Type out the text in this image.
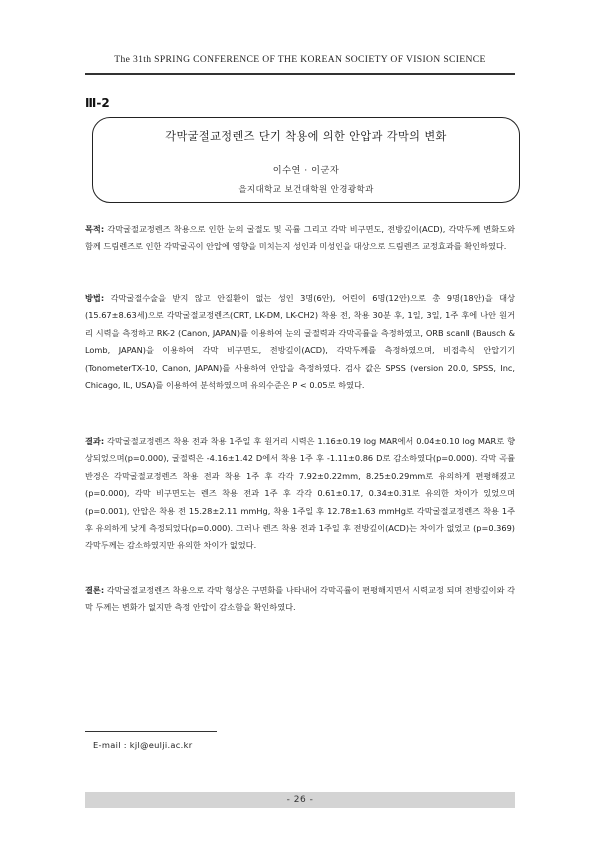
The 31th SPRING CONFERENCE OF THE KOREAN SOCIETY OF VISION SCIENCE
Ⅲ-2
각막굴절교정렌즈 단기 착용에 의한 안압과 각막의 변화
이수연 · 이군자
을지대학교 보건대학원 안경광학과
목적: 각막굴절교정렌즈 착용으로 인한 눈의 굴절도 및 곡률 그리고 각막 비구면도, 전방깊이(ACD), 각막두께 변화도와 함께 드림렌즈로 인한 각막굴곡이 안압에 영향을 미치는지 성인과 미성인을 대상으로 드림렌즈 교정효과를 확인하였다.
방법: 각막굴절수술을 받지 않고 안질환이 없는 성인 3명(6안), 어린이 6명(12안)으로 총 9명(18안)을 대상(15.67±8.63세)으로 각막굴절교정렌즈(CRT, LK-DM, LK-CH2) 착용 전, 착용 30분 후, 1일, 3일, 1주 후에 나안 원거리 시력을 측정하고 RK-2 (Canon, JAPAN)를 이용하여 눈의 굴절력과 각막곡률을 측정하였고, ORB scanⅡ (Bausch & Lomb, JAPAN)을 이용하여 각막 비구면도, 전방깊이(ACD), 각막두께를 측정하였으며, 비접촉식 안압기기(TonometerTX-10, Canon, JAPAN)를 사용하여 안압을 측정하였다. 검사 값은 SPSS (version 20.0, SPSS, Inc, Chicago, IL, USA)를 이용하여 분석하였으며 유의수준은 P < 0.05로 하였다.
결과: 각막굴절교정렌즈 착용 전과 착용 1주일 후 원거리 시력은 1.16±0.19 log MAR에서 0.04±0.10 log MAR로 향상되었으며(p=0.000), 굴절력은 -4.16±1.42 D에서 착용 1주 후 -1.11±0.86 D로 감소하였다(p=0.000). 각막 곡률반경은 각막굴절교정렌즈 착용 전과 착용 1주 후 각각 7.92±0.22mm, 8.25±0.29mm로 유의하게 편평해졌고(p=0.000), 각막 비구면도는 렌즈 착용 전과 1주 후 각각 0.61±0.17, 0.34±0.31로 유의한 차이가 있었으며(p=0.001), 안압은 착용 전 15.28±2.11 mmHg, 착용 1주일 후 12.78±1.63 mmHg로 각막굴절교정렌즈 착용 1주 후 유의하게 낮게 측정되었다(p=0.000). 그러나 렌즈 착용 전과 1주일 후 전방깊이(ACD)는 차이가 없었고 (p=0.369) 각막두께는 감소하였지만 유의한 차이가 없었다.
결론: 각막굴절교정렌즈 착용으로 각막 형상은 구면화를 나타내어 각막곡률이 편평해지면서 시력교정 되며 전방깊이와 각막 두께는 변화가 없지만 측정 안압이 감소함을 확인하였다.
E-mail : kjl@eulji.ac.kr
- 26 -
